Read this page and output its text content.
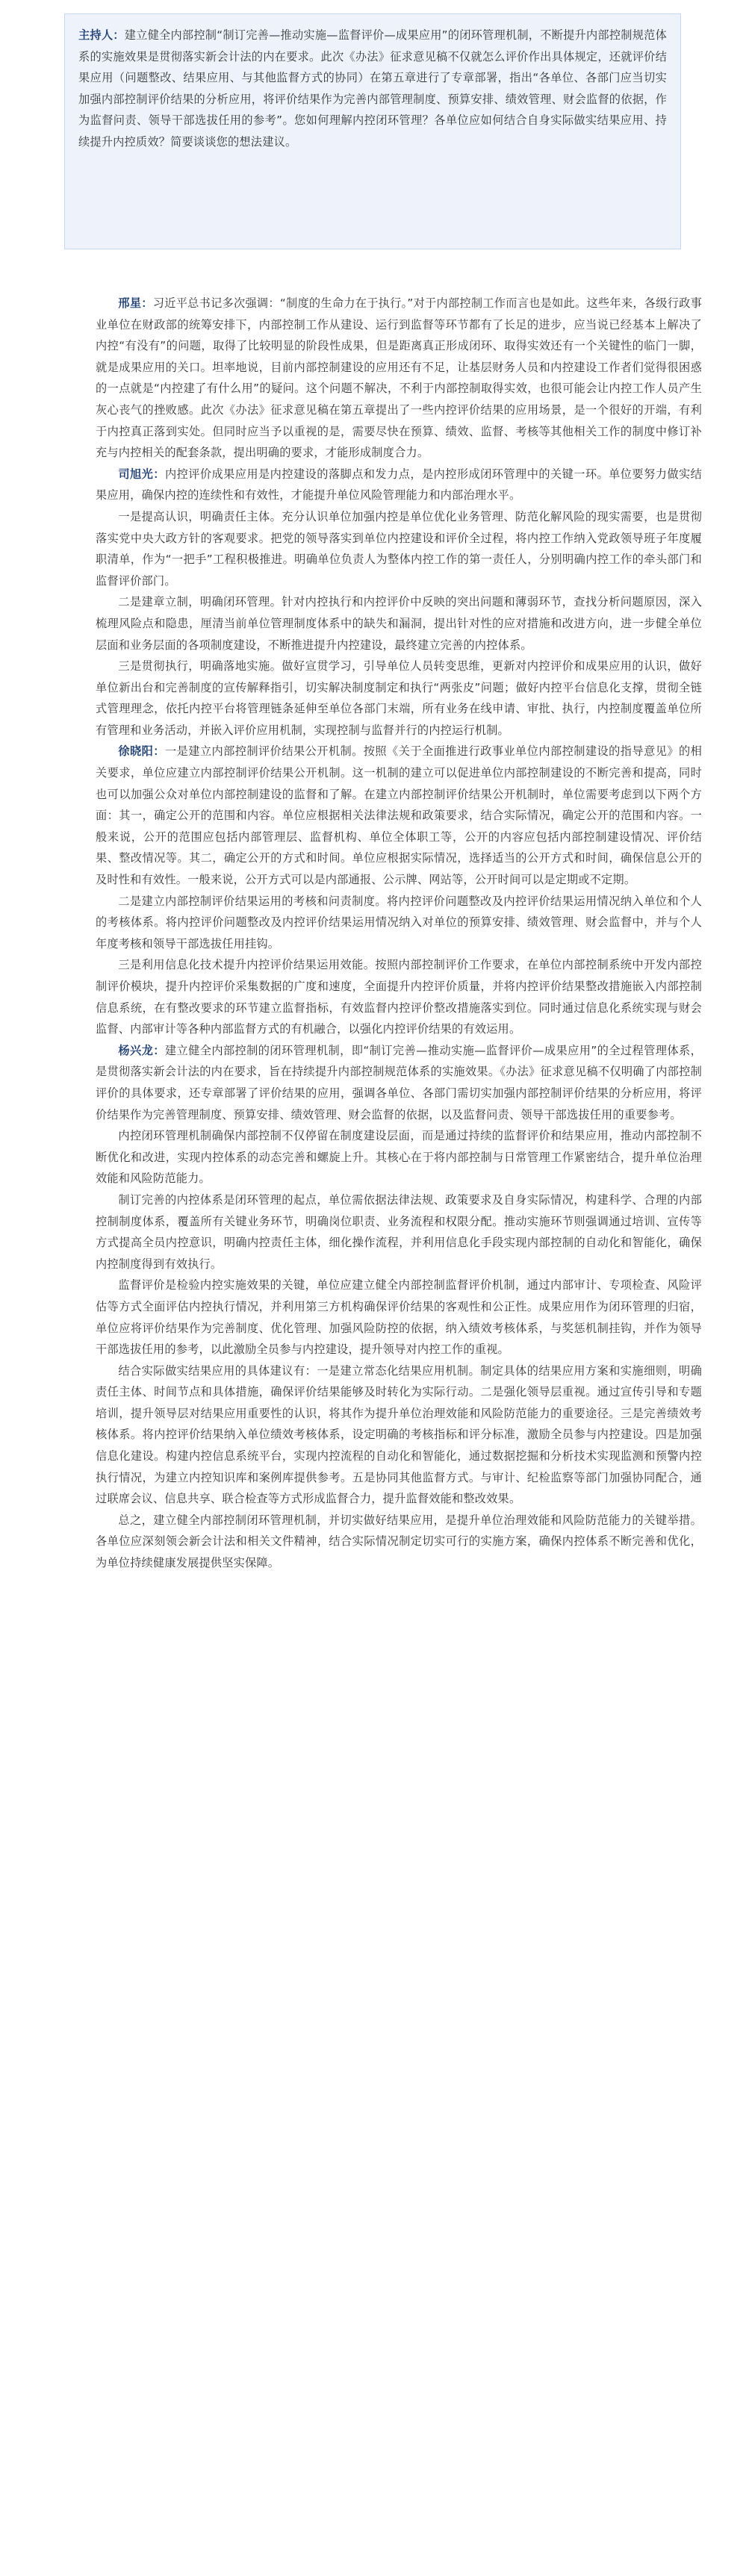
主持人：建立健全内部控制“制订完善—推动实施—监督评价—成果应用”的闭环管理机制，不断提升内部控制规范体系的实施效果是贯彻落实新会计法的内在要求。此次《办法》征求意见稿不仅就怎么评价作出具体规定，还就评价结果应用（问题整改、结果应用、与其他监督方式的协同）在第五章进行了专章部署，指出“各单位、各部门应当切实加强内部控制评价结果的分析应用，将评价结果作为完善内部管理制度、预算安排、绩效管理、财会监督的依据，作为监督问责、领导干部选拔任用的参考”。您如何理解内控闭环管理？各单位应如何结合自身实际做实结果应用、持续提升内控质效？简要谈谈您的想法建议。

邢星：习近平总书记多次强调：“制度的生命力在于执行。”对于内部控制工作而言也是如此。这些年来，各级行政事业单位在财政部的统筹安排下，内部控制工作从建设、运行到监督等环节都有了长足的进步，应当说已经基本上解决了内控“有没有”的问题，取得了比较明显的阶段性成果，但是距离真正形成闭环、取得实效还有一个关键性的临门一脚，就是成果应用的关口。坦率地说，目前内部控制建设的应用还有不足，让基层财务人员和内控建设工作者们觉得很困惑的一点就是“内控建了有什么用”的疑问。这个问题不解决，不利于内部控制取得实效，也很可能会让内控工作人员产生灰心丧气的挫败感。此次《办法》征求意见稿在第五章提出了一些内控评价结果的应用场景，是一个很好的开端，有利于内控真正落到实处。但同时应当予以重视的是，需要尽快在预算、绩效、监督、考核等其他相关工作的制度中修订补充与内控相关的配套条款，提出明确的要求，才能形成制度合力。

司旭光：内控评价成果应用是内控建设的落脚点和发力点，是内控形成闭环管理中的关键一环。单位要努力做实结果应用，确保内控的连续性和有效性，才能提升单位风险管理能力和内部治理水平。

一是提高认识，明确责任主体。充分认识单位加强内控是单位优化业务管理、防范化解风险的现实需要，也是贯彻落实党中央大政方针的客观要求。把党的领导落实到单位内控建设和评价全过程，将内控工作纳入党政领导班子年度履职清单，作为“一把手”工程积极推进。明确单位负责人为整体内控工作的第一责任人，分别明确内控工作的牵头部门和监督评价部门。

二是建章立制，明确闭环管理。针对内控执行和内控评价中反映的突出问题和薄弱环节，查找分析问题原因，深入梳理风险点和隐患，厘清当前单位管理制度体系中的缺失和漏洞，提出针对性的应对措施和改进方向，进一步健全单位层面和业务层面的各项制度建设，不断推进提升内控建设，最终建立完善的内控体系。

三是贯彻执行，明确落地实施。做好宣贯学习，引导单位人员转变思维，更新对内控评价和成果应用的认识，做好单位新出台和完善制度的宣传解释指引，切实解决制度制定和执行“两张皮”问题；做好内控平台信息化支撑，贯彻全链式管理理念，依托内控平台将管理链条延伸至单位各部门末端，所有业务在线申请、审批、执行，内控制度覆盖单位所有管理和业务活动，并嵌入评价应用机制，实现控制与监督并行的内控运行机制。

徐晓阳：一是建立内部控制评价结果公开机制。按照《关于全面推进行政事业单位内部控制建设的指导意见》的相关要求，单位应建立内部控制评价结果公开机制。这一机制的建立可以促进单位内部控制建设的不断完善和提高，同时也可以加强公众对单位内部控制建设的监督和了解。在建立内部控制评价结果公开机制时，单位需要考虑到以下两个方面：其一，确定公开的范围和内容。单位应根据相关法律法规和政策要求，结合实际情况，确定公开的范围和内容。一般来说，公开的范围应包括内部管理层、监督机构、单位全体职工等，公开的内容应包括内部控制建设情况、评价结果、整改情况等。其二，确定公开的方式和时间。单位应根据实际情况，选择适当的公开方式和时间，确保信息公开的及时性和有效性。一般来说，公开方式可以是内部通报、公示牌、网站等，公开时间可以是定期或不定期。

二是建立内部控制评价结果运用的考核和问责制度。将内控评价问题整改及内控评价结果运用情况纳入单位和个人的考核体系。将内控评价问题整改及内控评价结果运用情况纳入对单位的预算安排、绩效管理、财会监督中，并与个人年度考核和领导干部选拔任用挂钩。

三是利用信息化技术提升内控评价结果运用效能。按照内部控制评价工作要求，在单位内部控制系统中开发内部控制评价模块，提升内控评价采集数据的广度和速度，全面提升内控评价质量，并将内控评价结果整改措施嵌入内部控制信息系统，在有整改要求的环节建立监督指标，有效监督内控评价整改措施落实到位。同时通过信息化系统实现与财会监督、内部审计等各种内部监督方式的有机融合，以强化内控评价结果的有效运用。

杨兴龙：建立健全内部控制的闭环管理机制，即“制订完善—推动实施—监督评价—成果应用”的全过程管理体系，是贯彻落实新会计法的内在要求，旨在持续提升内部控制规范体系的实施效果。《办法》征求意见稿不仅明确了内部控制评价的具体要求，还专章部署了评价结果的应用，强调各单位、各部门需切实加强内部控制评价结果的分析应用，将评价结果作为完善管理制度、预算安排、绩效管理、财会监督的依据，以及监督问责、领导干部选拔任用的重要参考。

内控闭环管理机制确保内部控制不仅停留在制度建设层面，而是通过持续的监督评价和结果应用，推动内部控制不断优化和改进，实现内控体系的动态完善和螺旋上升。其核心在于将内部控制与日常管理工作紧密结合，提升单位治理效能和风险防范能力。

制订完善的内控体系是闭环管理的起点，单位需依据法律法规、政策要求及自身实际情况，构建科学、合理的内部控制制度体系，覆盖所有关键业务环节，明确岗位职责、业务流程和权限分配。推动实施环节则强调通过培训、宣传等方式提高全员内控意识，明确内控责任主体，细化操作流程，并利用信息化手段实现内部控制的自动化和智能化，确保内控制度得到有效执行。

监督评价是检验内控实施效果的关键，单位应建立健全内部控制监督评价机制，通过内部审计、专项检查、风险评估等方式全面评估内控执行情况，并利用第三方机构确保评价结果的客观性和公正性。成果应用作为闭环管理的归宿，单位应将评价结果作为完善制度、优化管理、加强风险防控的依据，纳入绩效考核体系，与奖惩机制挂钩，并作为领导干部选拔任用的参考，以此激励全员参与内控建设，提升领导对内控工作的重视。

结合实际做实结果应用的具体建议有：一是建立常态化结果应用机制。制定具体的结果应用方案和实施细则，明确责任主体、时间节点和具体措施，确保评价结果能够及时转化为实际行动。二是强化领导层重视。通过宣传引导和专题培训，提升领导层对结果应用重要性的认识，将其作为提升单位治理效能和风险防范能力的重要途径。三是完善绩效考核体系。将内控评价结果纳入单位绩效考核体系，设定明确的考核指标和评分标准，激励全员参与内控建设。四是加强信息化建设。构建内控信息系统平台，实现内控流程的自动化和智能化，通过数据挖掘和分析技术实现监测和预警内控执行情况，为建立内控知识库和案例库提供参考。五是协同其他监督方式。与审计、纪检监察等部门加强协同配合，通过联席会议、信息共享、联合检查等方式形成监督合力，提升监督效能和整改效果。

总之，建立健全内部控制闭环管理机制，并切实做好结果应用，是提升单位治理效能和风险防范能力的关键举措。各单位应深刻领会新会计法和相关文件精神，结合实际情况制定切实可行的实施方案，确保内控体系不断完善和优化，为单位持续健康发展提供坚实保障。
